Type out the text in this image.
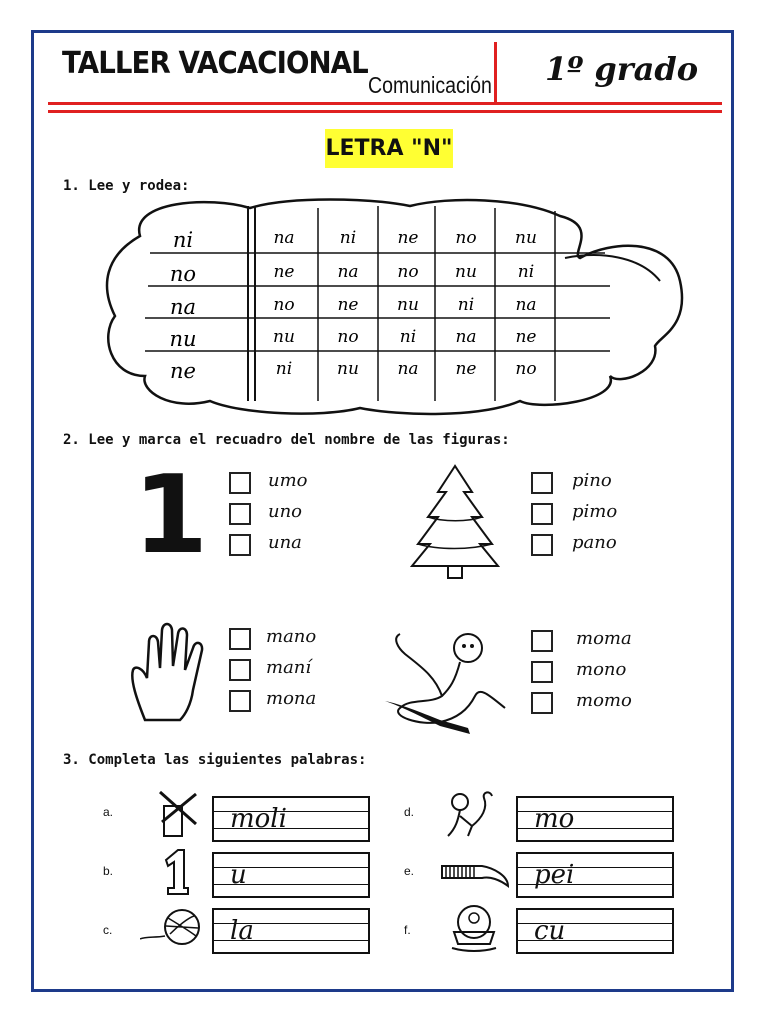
TALLER VACACIONAL
Comunicación 1º grado
LETRA "N"
1. Lee y rodea:
ni	na	ni	ne	no	nu
no	ne	na	no	nu	ni
na	no	ne	nu	ni	na
nu	nu	no	ni	na	ne
ne	ni	nu	na	ne	no
2. Lee y marca el recuadro del nombre de las figuras:
1	umo
uno
una
pino
pimo
pano
mano
maní
mona
moma
mono
momo
3. Completa las siguientes palabras:
a.	moli
b.	u
c.	la
d.	mo
e.	pei
f.	cu
